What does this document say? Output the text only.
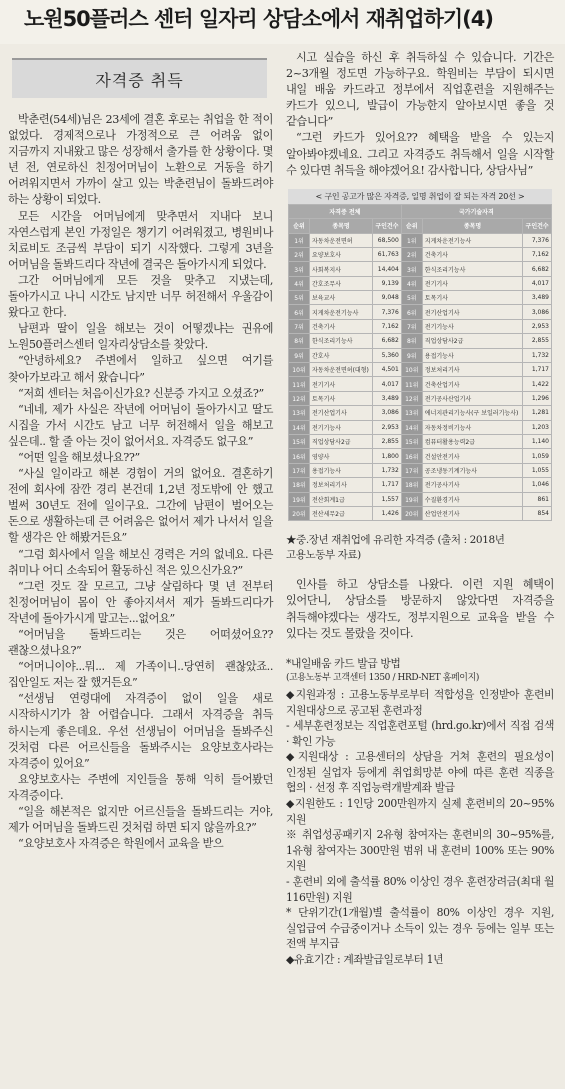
노원50플러스 센터 일자리 상담소에서 재취업하기(4)
자격증 취득

박춘련(54세)님은 23세에 결혼 후로는 취업을 한 적이 없었다. 경제적으로나 가정적으로 큰 어려움 없이 지금까지 지내왔고 많은 성장해서 출가를 한 상황이다. 몇 년 전, 연로하신 친정어머님이 노환으로 거동을 하기 어려워지면서 가까이 살고 있는 박춘련님이 돌봐드려야 하는 상황이 되었다.

모든 시간을 어머님에게 맞추면서 지내다 보니 자연스럽게 본인 가정일은 챙기기 어려워졌고, 병원비나 치료비도 조금씩 부담이 되기 시작했다. 그렇게 3년을 어머님을 돌봐드리다 작년에 결국은 돌아가시게 되었다.

그간 어머님에게 모든 것을 맞추고 지냈는데, 돌아가시고 나니 시간도 남지만 너무 허전해서 우울감이 왔다고 한다.

남편과 딸이 일을 해보는 것이 어떻겠냐는 권유에 노원50플러스센터 일자리상담소를 찾았다.

“안녕하세요? 주변에서 일하고 싶으면 여기를 찾아가보라고 해서 왔습니다”

“저희 센터는 처음이신가요? 신분증 가지고 오셨죠?”

“네네, 제가 사실은 작년에 어머님이 돌아가시고 딸도 시집을 가서 시간도 남고 너무 허전해서 일을 해보고 싶은데.. 할 줄 아는 것이 없어서요. 자격증도 없구요”

“어떤 일을 해보셨나요??”

“사실 일이라고 해본 경험이 거의 없어요. 결혼하기 전에 회사에 잠깐 경리 본건데 1,2년 정도밖에 안 했고 벌써 30년도 전에 일이구요. 그간에 남편이 벌어오는 돈으로 생활하는데 큰 어려움은 없어서 제가 나서서 일을 할 생각은 안 해봤거든요”

“그럼 회사에서 일을 해보신 경력은 거의 없네요. 다른 취미나 어디 소속되어 활동하신 적은 있으신가요?”

“그런 것도 잘 모르고, 그냥 살림하다 몇 년 전부터 친정어머님이 몸이 안 좋아지셔서 제가 돌봐드리다가 작년에 돌아가시게 말고는...없어요”

“어머님을 돌봐드리는 것은 어떠셨어요?? 괜찮으셨나요?”

“어머니이야...뭐... 제 가족이니..당연히 괜찮았죠.. 집안일도 저는 잘 했거든요”

“선생님 연령대에 자격증이 없이 일을 새로 시작하시기가 참 어렵습니다. 그래서 자격증을 취득 하시는게 좋은데요. 우선 선생님이 어머님을 돌봐주신 것처럼 다른 어르신들을 돌봐주시는 요양보호사라는 자격증이 있어요”

요양보호사는 주변에 지인들을 통해 익히 들어봤던 자격증이다.

“일을 해본적은 없지만 어르신들을 돌봐드리는 거야, 제가 어머님을 돌봐드린 것처럼 하면 되지 않을까요?”

“요양보호사 자격증은 학원에서 교육을 받으

시고 실습을 하신 후 취득하실 수 있습니다. 기간은 2~3개월 정도면 가능하구요. 학원비는 부담이 되시면 내일 배움 카드라고 정부에서 직업훈련을 지원해주는 카드가 있으니, 발급이 가능한지 알아보시면 좋을 것 같습니다”

“그런 카드가 있어요?? 혜택을 받을 수 있는지 알아봐야겠네요. 그리고 자격증도 취득해서 일을 시작할 수 있다면 취득을 해야겠어요! 감사합니다, 상담사님”

< 구인 공고가 많은 자격증, 일명 취업이 잘 되는 자격 20선 >
자격증 전체			국가기술자격		
순위	종목명	구인건수	순위	종목명	구인건수
1위	자동차운전면허	68,500	1위	지게차운전기능사	7,376
2위	요양보호사	61,763	2위	건축기사	7,162
3위	사회복지사	14,404	3위	한식조리기능사	6,682
4위	간호조무사	9,139	4위	전기기사	4,017
5위	보육교사	9,048	5위	토목기사	3,489
6위	지게차운전기능사	7,376	6위	전기산업기사	3,086
7위	건축기사	7,162	7위	전기기능사	2,953
8위	한식조리기능사	6,682	8위	직업상담사2급	2,855
9위	간호사	5,360	9위	용접기능사	1,732
10위	자동차운전면허(대형)	4,501	10위	정보처리기사	1,717
11위	전기기사	4,017	11위	건축산업기사	1,422
12위	토목기사	3,489	12위	전기공사산업기사	1,296
13위	전기산업기사	3,086	13위	에너지관리기능사(구 보일러기능사)	1,281
14위	전기기능사	2,953	14위	자동차정비기능사	1,203
15위	직업상담사2급	2,855	15위	컴퓨터활용능력2급	1,140
16위	영양사	1,800	16위	건설안전기사	1,059
17위	용접기능사	1,732	17위	공조냉동기계기능사	1,055
18위	정보처리기사	1,717	18위	전기공사기사	1,046
19위	전산회계1급	1,557	19위	수질환경기사	861
20위	전산세무2급	1,426	20위	산업안전기사	854

★중.장년 재취업에 유리한 자격증 (출처 : 2018년 고용노동부 자료)

인사를 하고 상담소를 나왔다. 이런 지원 혜택이 있어단니, 상담소를 방문하지 않았다면 자격증을 취득해야겠다는 생각도, 정부지원으로 교육을 받을 수 있다는 것도 몰랐을 것이다.

*내일배움 카드 발급 방법

(고용노동부 고객센터 1350 / HRD-NET 홈페이지)

◆지원과정 : 고용노동부로부터 적합성을 인정받아 훈련비 지원대상으로 공고된 훈련과정

- 세부훈련정보는 직업훈련포털 (hrd.go.kr)에서 직접 검색 · 확인 가능

◆지원대상 : 고용센터의 상담을 거쳐 훈련의 필요성이 인정된 실업자 등에게 취업희망분 야에 따른 훈련 직종을 협의 · 선정 후 직업능력개발계좌 발급

◆지원한도 : 1인당 200만원까지 실제 훈련비의 20~95% 지원

※ 취업성공패키지 2유형 참여자는 훈련비의 30~95%를, 1유형 참여자는 300만원 범위 내 훈련비 100% 또는 90% 지원

- 훈련비 외에 출석률 80% 이상인 경우 훈련장려금(최대 월 116만원) 지원

* 단위기간(1개월)별 출석률이 80% 이상인 경우 지원, 실업급여 수급중이거나 소득이 있는 경우 등에는 일부 또는 전액 부지급

◆유효기간 : 계좌발급일로부터 1년
